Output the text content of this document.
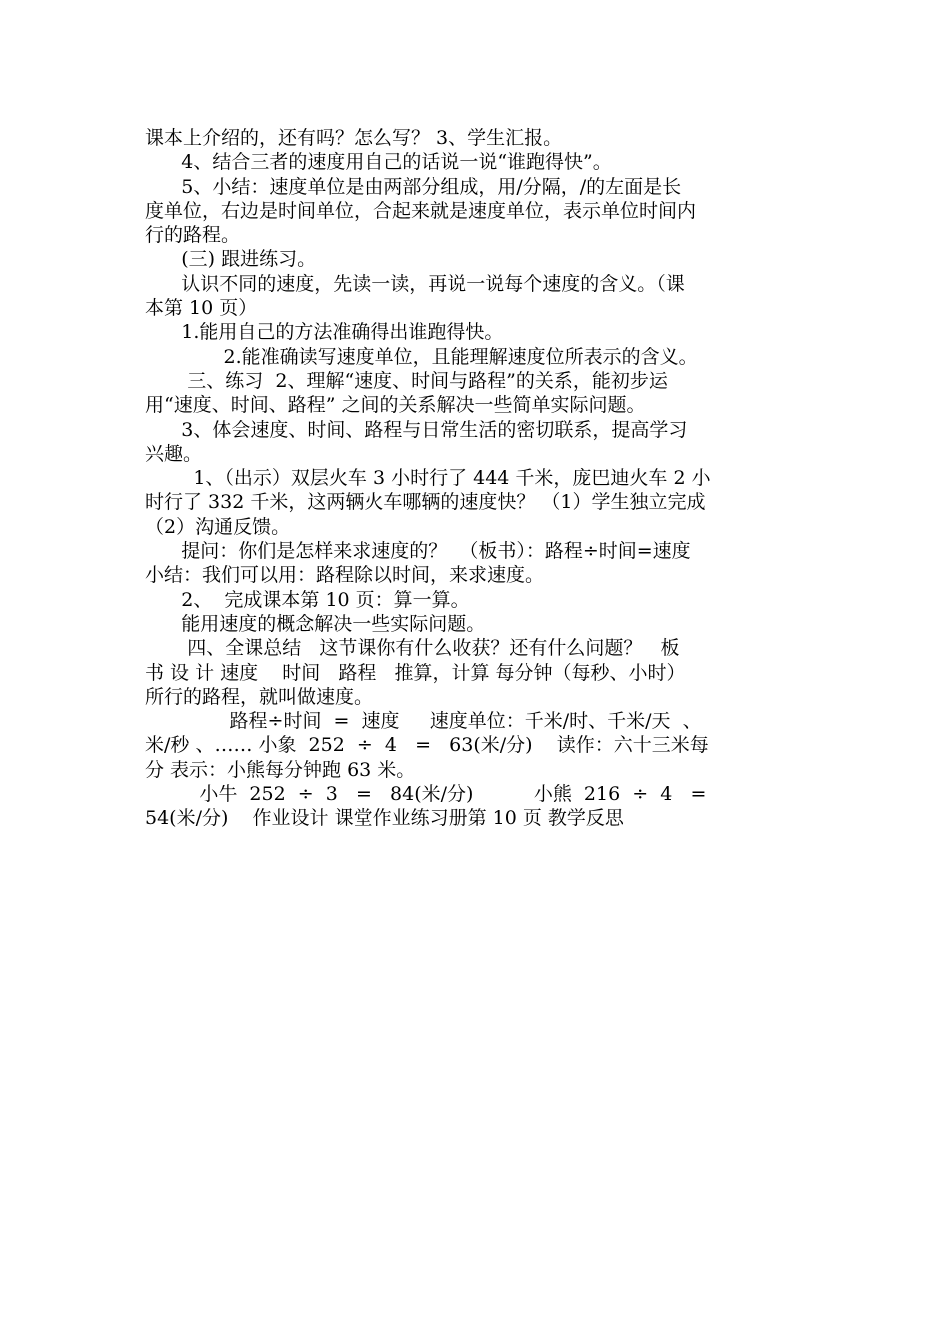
课本上介绍的，还有吗？怎么写？ 3、学生汇报。
4、结合三者的速度用自己的话说一说“谁跑得快”。
5、小结：速度单位是由两部分组成，用/分隔，/的左面是长
度单位，右边是时间单位，合起来就是速度单位，表示单位时间内
行的路程。
(三) 跟进练习。
认识不同的速度，先读一读，再说一说每个速度的含义。（课
本第 10 页）
1.能用自己的方法准确得出谁跑得快。
2.能准确读写速度单位，且能理解速度位所表示的含义。
三、练习  2、理解“速度、时间与路程”的关系，能初步运
用“速度、时间、路程” 之间的关系解决一些简单实际问题。
3、体会速度、时间、路程与日常生活的密切联系，提高学习
兴趣。
1、（出示）双层火车 3 小时行了 444 千米，庞巴迪火车 2 小
时行了 332 千米，这两辆火车哪辆的速度快？ （1）学生独立完成
（2）沟通反馈。
提问：你们是怎样来求速度的？  （板书）：路程÷时间=速度
小结：我们可以用：路程除以时间，来求速度。
2、  完成课本第 10 页：算一算。
能用速度的概念解决一些实际问题。
四、全课总结   这节课你有什么收获？还有什么问题？   板
书 设 计 速度    时间   路程   推算，计算 每分钟（每秒、小时）
所行的路程，就叫做速度。
路程÷时间  =  速度     速度单位：千米/时、千米/天  、
米/秒 、…… 小象  252  ÷  4   =   63(米/分)    读作：六十三米每
分 表示：小熊每分钟跑 63 米。
小牛  252  ÷  3   =   84(米/分)          小熊  216  ÷  4   =
54(米/分)    作业设计 课堂作业练习册第 10 页 教学反思
